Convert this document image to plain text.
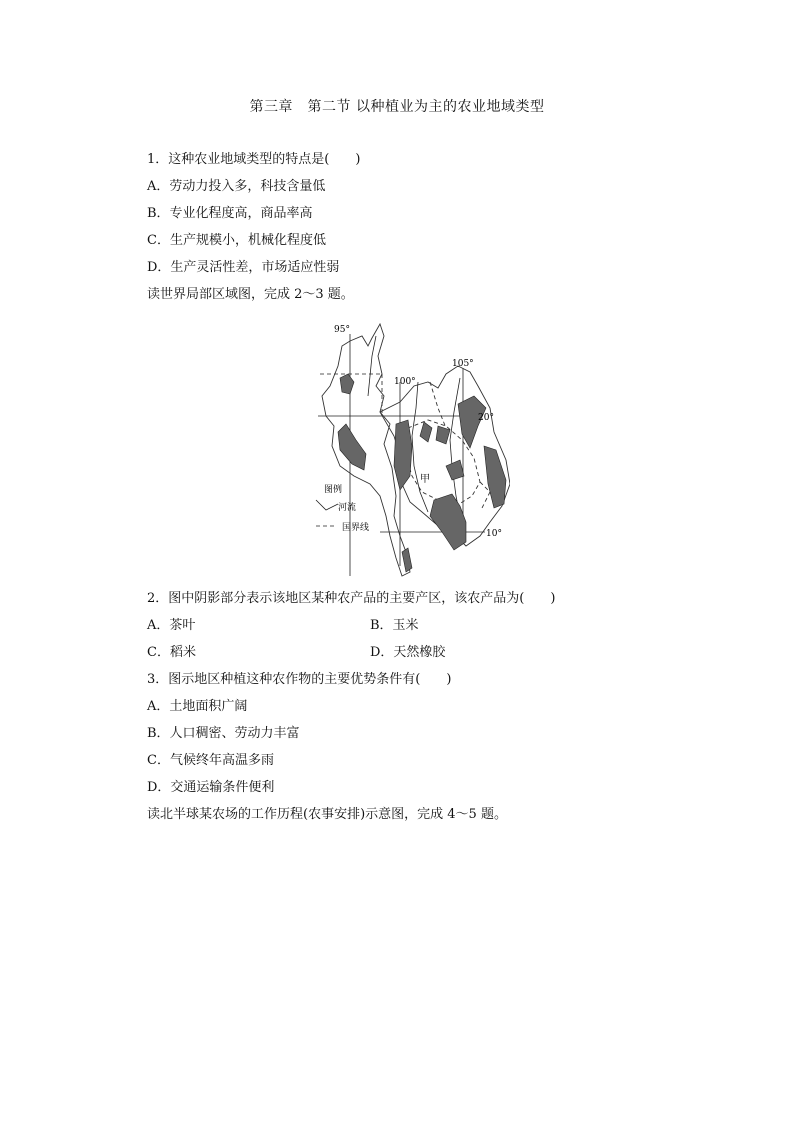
第三章　第二节 以种植业为主的农业地域类型
1．这种农业地域类型的特点是(　　)
A．劳动力投入多，科技含量低
B．专业化程度高，商品率高
C．生产规模小，机械化程度低
D．生产灵活性差，市场适应性弱
读世界局部区域图，完成 2～3 题。
95°
100°
105°
20°
10°
甲
图例
河流
国界线
2．图中阴影部分表示该地区某种农产品的主要产区，该农产品为(　　)
A．茶叶	B．玉米
C．稻米	D．天然橡胶
3．图示地区种植这种农作物的主要优势条件有(　　)
A．土地面积广阔
B．人口稠密、劳动力丰富
C．气候终年高温多雨
D．交通运输条件便利
读北半球某农场的工作历程(农事安排)示意图，完成 4～5 题。
